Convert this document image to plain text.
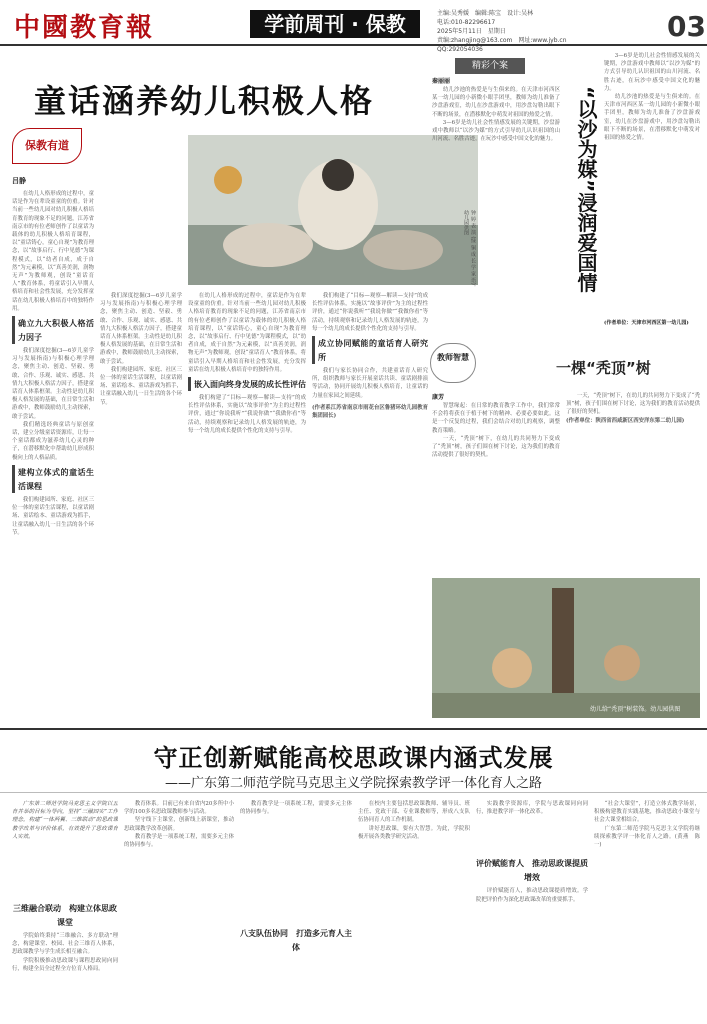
中國教育報	学前周刊 · 保教	主编:吴秀媛　编辑:陈宝　设计:吴林
电话:010-82296617
2025年5月11日　星期日
责编:zhangjing@163.com　网址:www.jyb.cn
QQ:292054036
03
童话涵养幼儿积极人格
保教有道
吕静
钟 婷 表 演 (绿 铜 成 长 学 家 语)。幼儿园供图

在幼儿人格形成的过程中，童话是作为在辈设童童的仿重。针对当前一些幼儿园对幼儿积极人格培育教育的现象不足的问题，江苏省南京市的有位老师创作了以童话为载体的幼儿积极人格培育课程，以“童话铸心，童心自现”为教育理念，以“故事启行、行中见德”为课程模式，以“幼者自成，成于自然”为元素模，以“真善美润，润物无声”为教师观，创设“童话育人”教育体系，将童话引入早期人格培育和社会性发展，充分发挥童话在幼儿积极人格培育中的独特作用。

确立九大积极人格活力因子

我们深度挖掘(3—6岁儿童学习与发展指南)与积极心理学理念，聚焦主动、创造、坚毅、勇敢、合作、乐观、诚实、感恩、共情九大积极人格活力因子，搭建童话育人体系框架。主动性是幼儿积极人格发展的基础，在日常生活和游戏中，教师鼓励幼儿主动探索，敢于尝试。

我们精选经典童话与原创童话，建立分级童话资源库，让每一个童话都成为滋养幼儿心灵的种子，在潜移默化中帮助幼儿形成积极向上的人格品质。

建构立体式的童话生活课程

我们构建园所、家庭、社区三位一体的童话生活课程，以童话剧场、童话绘本、童话游戏为抓手，让童话融入幼儿一日生活的各个环节。

我们深度挖掘(3—6岁儿童学习与发展指南)与积极心理学理念，聚焦主动、创造、坚毅、勇敢、合作、乐观、诚实、感恩、共情九大积极人格活力因子，搭建童话育人体系框架。主动性是幼儿积极人格发展的基础，在日常生活和游戏中，教师鼓励幼儿主动探索，敢于尝试。

我们构建园所、家庭、社区三位一体的童话生活课程，以童话剧场、童话绘本、童话游戏为抓手，让童话融入幼儿一日生活的各个环节。

在幼儿人格形成的过程中，童话是作为在辈设童童的仿重。针对当前一些幼儿园对幼儿积极人格培育教育的现象不足的问题，江苏省南京市的有位老师创作了以童话为载体的幼儿积极人格培育课程，以“童话铸心，童心自现”为教育理念，以“故事启行、行中见德”为课程模式，以“幼者自成，成于自然”为元素模，以“真善美润，润物无声”为教师观，创设“童话育人”教育体系，将童话引入早期人格培育和社会性发展，充分发挥童话在幼儿积极人格培育中的独特作用。

嵌入面向终身发展的成长性评估

我们构建了“目标—观察—解读—支持”的成长性评估体系，实施以“故事评价”为主的过程性评价，通过“你说我听”“我说你做”“我做你看”等活动，持续观察和记录幼儿人格发展的轨迹，为每一个幼儿的成长提供个性化的支持与引导。

我们构建了“目标—观察—解读—支持”的成长性评估体系，实施以“故事评价”为主的过程性评价，通过“你说我听”“我说你做”“我做你看”等活动，持续观察和记录幼儿人格发展的轨迹，为每一个幼儿的成长提供个性化的支持与引导。

成立协同赋能的童话育人研究所

我们与家长协同合作，共建童话育人研究所，组织教师与家长开展童话共读、童话剧排演等活动，协同开展幼儿积极人格培育，让童话的力量在家园之间延续。

(作者系江苏省南京市雨花台区鲁猪环幼儿园教育集团园长)

精彩个案
秦丽丽
“以沙为媒”浸润爱国情

幼儿沙池的热爱是与生俱来的。在天津市河西区某一幼儿园的小新微小眼手团里，教师为幼儿准备了沙盘游戏室，幼儿在沙盘游戏中，用沙盘勾勒出眼下不断的场景，在潜移默化中萌发对祖国的热爱之情。

3—6岁是幼儿社会性情感发展的关键期，沙盘游戏中教师以“以沙为媒”的方式引导幼儿认识祖国的山川河流、名胜古迹，在玩沙中感受中国文化的魅力。

3—6岁是幼儿社会性情感发展的关键期，沙盘游戏中教师以“以沙为媒”的方式引导幼儿认识祖国的山川河流、名胜古迹，在玩沙中感受中国文化的魅力。

幼儿沙池的热爱是与生俱来的。在天津市河西区某一幼儿园的小新微小眼手团里，教师为幼儿准备了沙盘游戏室，幼儿在沙盘游戏中，用沙盘勾勒出眼下不断的场景，在潜移默化中萌发对祖国的热爱之情。

(作者单位：天津市河西区第一幼儿园)
教师智慧
一棵“秃顶”树
康芳

智慧缘起：在日常的教育教学工作中，我们常常不会将将获在于植于树下的精神、必要必要如此。这是一个反复的过程，我们会结合对幼儿的观察，调整教育策略。

一天，“秃顶”树下，在幼儿的共同努力下变成了“秃顶”树，孩子们围在树下讨论，这为我们的教育活动提供了很好的契机。

一天，“秃顶”树下，在幼儿的共同努力下变成了“秃顶”树，孩子们围在树下讨论，这为我们的教育活动提供了很好的契机。

(作者单位：陕西省西咸新区西安洋东第二幼儿园)

幼儿给“秃顶”树装饰。幼儿园供图
守正创新赋能高校思政课内涵式发展
——广东第二师范学院马克思主义学院探索教学评一体化育人之路

广东第二师范学院马克思主义学院以五育并举的目标为导向，坚持“三融四实”工作理念，构建“一体两翼、三维联动”的思政课教学改革与评价体系，有效提升了思政课育人实效。

三维融合联动　构建立体思政课堂

学院始终秉持“三维融合、多方联动”理念，构建课堂、校园、社会三维育人体系，思政课教学与学生成长相互融合。

学院积极推动思政课与课程思政同向同行，构建全员全过程全方位育人格局。

教育体系。目前已有来自省内20多所中小学的100多名思政课教师参与活动。

坚守线下主课堂，创新线上新课堂，推动思政课教学改革创新。

教育教学是一项系统工程，需要多元主体的协同参与。

教育教学是一项系统工程，需要多元主体的协同参与。

八支队伍协同　打造多元育人主体

在校内主要包括思政课教师、辅导员、班主任、党政干部、专业课教师等，形成八支队伍协同育人的工作机制。

讲好思政课，要有大智慧。为此，学院积极开展各类教学研究活动。

实践教学资源库，学院与思政课同向同行，推进教学评一体化改革。

评价赋能育人　推动思政课提质增效

评价赋能育人，推动思政课提质增效。学院把评价作为深化思政课改革的重要抓手。

“社会大课堂”，打造立体式教学场景，积极构建教育实践基地，推动思政小课堂与社会大课堂相结合。

广东第二师范学院马克思主义学院将继续探索教学评一体化育人之路。(黄燕　陈一)
